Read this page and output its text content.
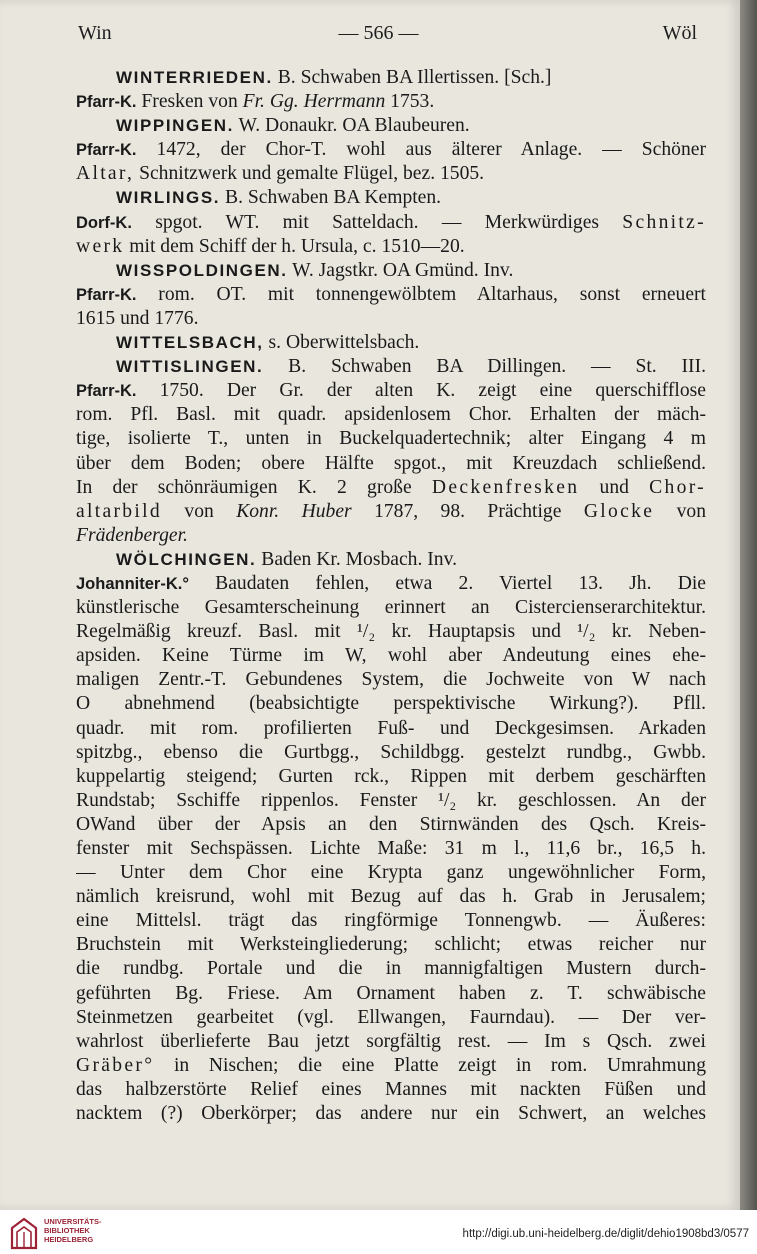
Win	— 566 —	Wöl
WINTERRIEDEN. B. Schwaben BA Illertissen. [Sch.]
Pfarr-K. Fresken von Fr. Gg. Herrmann 1753.
WIPPINGEN. W. Donaukr. OA Blaubeuren.
Pfarr-K. 1472, der Chor-T. wohl aus älterer Anlage. — Schöner
Altar, Schnitzwerk und gemalte Flügel, bez. 1505.
WIRLINGS. B. Schwaben BA Kempten.
Dorf-K. spgot. WT. mit Satteldach. — Merkwürdiges Schnitz-
werk mit dem Schiff der h. Ursula, c. 1510—20.
WISSPOLDINGEN. W. Jagstkr. OA Gmünd. Inv.
Pfarr-K. rom. OT. mit tonnengewölbtem Altarhaus, sonst erneuert
1615 und 1776.
WITTELSBACH, s. Oberwittelsbach.
WITTISLINGEN. B. Schwaben BA Dillingen. — St. III.
Pfarr-K. 1750. Der Gr. der alten K. zeigt eine querschifflose
rom. Pfl. Basl. mit quadr. apsidenlosem Chor. Erhalten der mäch-
tige, isolierte T., unten in Buckelquadertechnik; alter Eingang 4 m
über dem Boden; obere Hälfte spgot., mit Kreuzdach schließend.
In der schönräumigen K. 2 große Deckenfresken und Chor-
altarbild von Konr. Huber 1787, 98. Prächtige Glocke von
Frädenberger.
WÖLCHINGEN. Baden Kr. Mosbach. Inv.
Johanniter-K.° Baudaten fehlen, etwa 2. Viertel 13. Jh. Die
künstlerische Gesamterscheinung erinnert an Cistercienserarchitektur.
Regelmäßig kreuzf. Basl. mit ¹/₂ kr. Hauptapsis und ¹/₂ kr. Neben-
apsiden. Keine Türme im W, wohl aber Andeutung eines ehe-
maligen Zentr.-T. Gebundenes System, die Jochweite von W nach
O abnehmend (beabsichtigte perspektivische Wirkung?). Pfll.
quadr. mit rom. profilierten Fuß- und Deckgesimsen. Arkaden
spitzbg., ebenso die Gurtbgg., Schildbgg. gestelzt rundbg., Gwbb.
kuppelartig steigend; Gurten rck., Rippen mit derbem geschärften
Rundstab; Sschiffe rippenlos. Fenster ¹/₂ kr. geschlossen. An der
OWand über der Apsis an den Stirnwänden des Qsch. Kreis-
fenster mit Sechspässen. Lichte Maße: 31 m l., 11,6 br., 16,5 h.
— Unter dem Chor eine Krypta ganz ungewöhnlicher Form,
nämlich kreisrund, wohl mit Bezug auf das h. Grab in Jerusalem;
eine Mittelsl. trägt das ringförmige Tonnengwb. — Äußeres:
Bruchstein mit Werksteingliederung; schlicht; etwas reicher nur
die rundbg. Portale und die in mannigfaltigen Mustern durch-
geführten Bg. Friese. Am Ornament haben z. T. schwäbische
Steinmetzen gearbeitet (vgl. Ellwangen, Faurndau). — Der ver-
wahrlost überlieferte Bau jetzt sorgfältig rest. — Im s Qsch. zwei
Gräber° in Nischen; die eine Platte zeigt in rom. Umrahmung
das halbzerstörte Relief eines Mannes mit nackten Füßen und
nacktem (?) Oberkörper; das andere nur ein Schwert, an welches
UNIVERSITÄTS-
BIBLIOTHEK
HEIDELBERG	http://digi.ub.uni-heidelberg.de/diglit/dehio1908bd3/0577
